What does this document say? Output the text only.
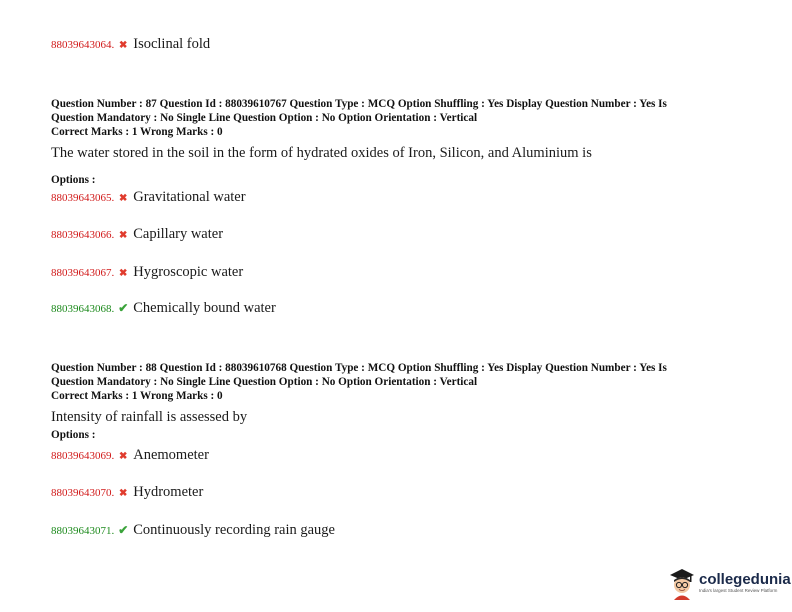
88039643064. ✖ Isoclinal fold
Question Number : 87 Question Id : 88039610767 Question Type : MCQ Option Shuffling : Yes Display Question Number : Yes Is
Question Mandatory : No Single Line Question Option : No Option Orientation : Vertical
Correct Marks : 1 Wrong Marks : 0
The water stored in the soil in the form of hydrated oxides of Iron, Silicon, and Aluminium is
Options :
88039643065. ✖ Gravitational water
88039643066. ✖ Capillary water
88039643067. ✖ Hygroscopic water
88039643068. ✔ Chemically bound water
Question Number : 88 Question Id : 88039610768 Question Type : MCQ Option Shuffling : Yes Display Question Number : Yes Is
Question Mandatory : No Single Line Question Option : No Option Orientation : Vertical
Correct Marks : 1 Wrong Marks : 0
Intensity of rainfall is assessed by
Options :
88039643069. ✖ Anemometer
88039643070. ✖ Hydrometer
88039643071. ✔ Continuously recording rain gauge
collegedunia
India's largest Student Review Platform
